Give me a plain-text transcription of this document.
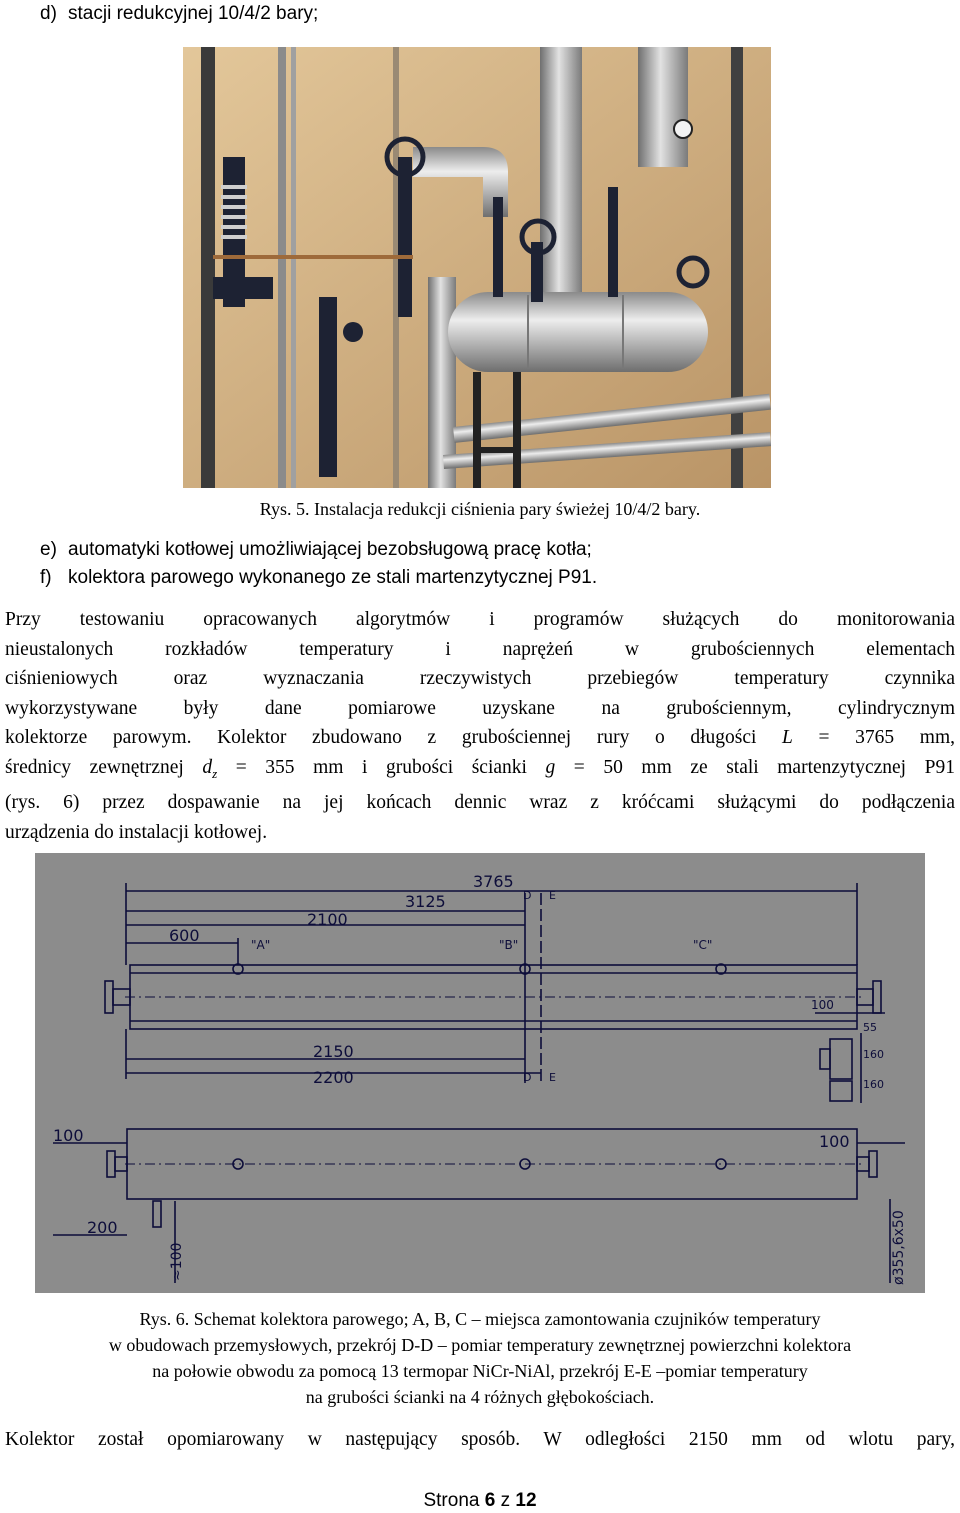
d) stacji redukcyjnej 10/4/2 bary;
Rys. 5. Instalacja redukcji ciśnienia pary świeżej 10/4/2 bary.
e) automatyki kotłowej umożliwiającej bezobsługową pracę kotła;
f) kolektora parowego wykonanego ze stali martenzytycznej P91.

Przy testowaniu opracowanych algorytmów i programów służących do monitorowania

nieustalonych rozkładów temperatury i naprężeń w grubościennych elementach

ciśnieniowych oraz wyznaczania rzeczywistych przebiegów temperatury czynnika

wykorzystywane były dane pomiarowe uzyskane na grubościennym, cylindrycznym

kolektorze parowym. Kolektor zbudowano z grubościennej rury o długości L = 3765 mm,

średnicy zewnętrznej $d_z = 355$ mm i grubości ścianki g = 50 mm ze stali martenzytycznej P91

(rys. 6) przez dospawanie na jej końcach dennic wraz z króćcami służącymi do podłączenia

urządzenia do instalacji kotłowej.

3765
3125
2100
600	"A"	"B"	"C"
D E
100
55
160
160
2150
2200	D E
100	100
200
≈100	ø355,6x50
Rys. 6. Schemat kolektora parowego; A, B, C – miejsca zamontowania czujników temperatury
w obudowach przemysłowych, przekrój D-D – pomiar temperatury zewnętrznej powierzchni kolektora
na połowie obwodu za pomocą 13 termopar NiCr-NiAl, przekrój E-E –pomiar temperatury
na grubości ścianki na 4 różnych głębokościach.

Kolektor został opomiarowany w następujący sposób. W odległości 2150 mm od wlotu pary,

Strona 6 z 12
